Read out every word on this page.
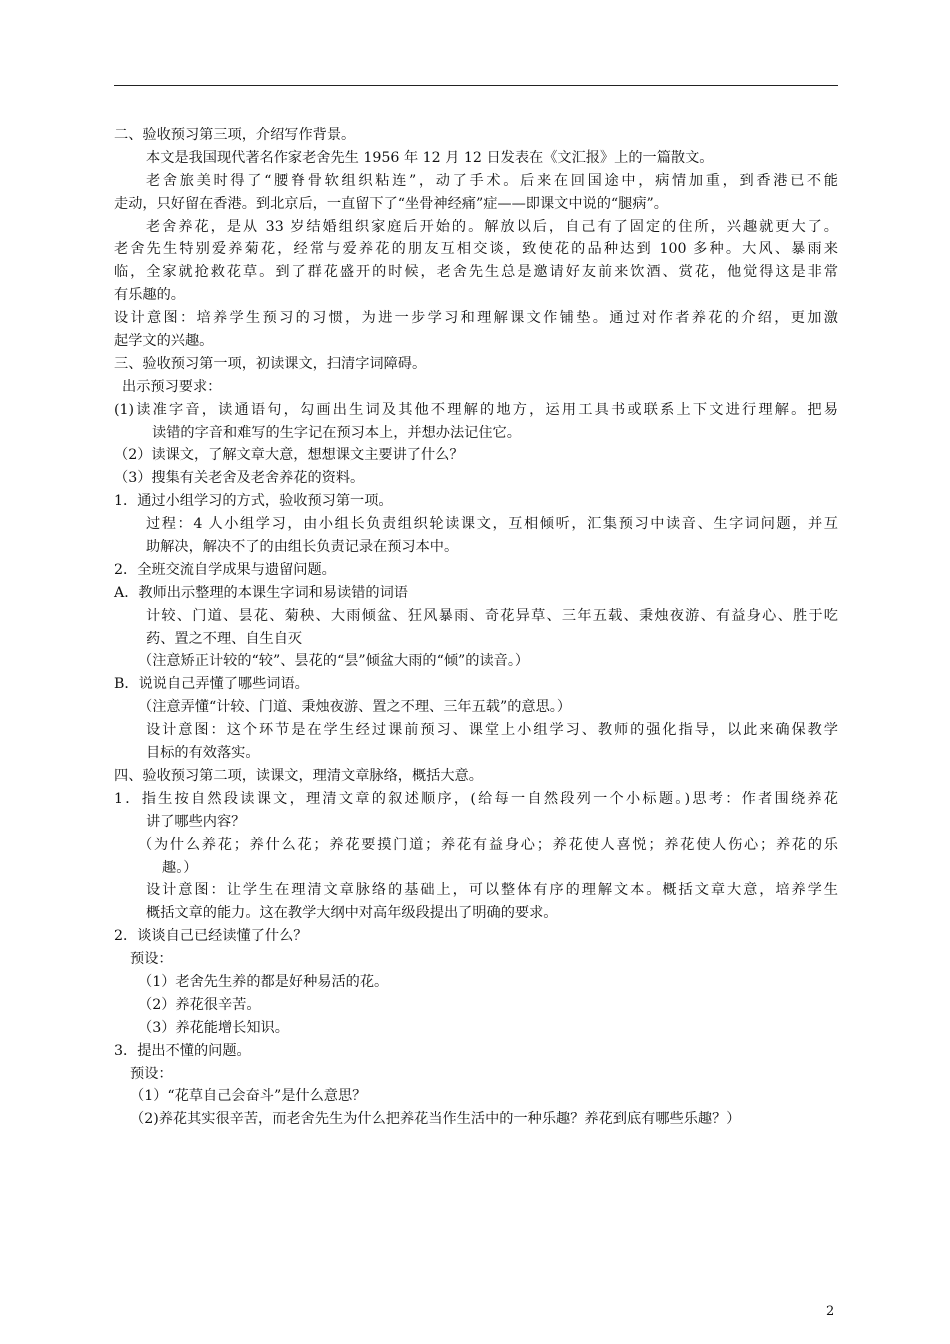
二、验收预习第三项，介绍写作背景。
本文是我国现代著名作家老舍先生 1956 年 12 月 12 日发表在《文汇报》上的一篇散文。
老舍旅美时得了“腰脊骨软组织粘连”，动了手术。后来在回国途中，病情加重，到香港已不能
走动，只好留在香港。到北京后，一直留下了“坐骨神经痛”症——即课文中说的“腿病”。
老舍养花，是从 33 岁结婚组织家庭后开始的。解放以后，自己有了固定的住所，兴趣就更大了。
老舍先生特别爱养菊花，经常与爱养花的朋友互相交谈，致使花的品种达到 100 多种。大风、暴雨来
临，全家就抢救花草。到了群花盛开的时候，老舍先生总是邀请好友前来饮酒、赏花，他觉得这是非常
有乐趣的。
设计意图：培养学生预习的习惯，为进一步学习和理解课文作铺垫。通过对作者养花的介绍，更加激
起学文的兴趣。
三、验收预习第一项，初读课文，扫清字词障碍。
出示预习要求：
(1)读准字音，读通语句，勾画出生词及其他不理解的地方，运用工具书或联系上下文进行理解。把易
读错的字音和难写的生字记在预习本上，并想办法记住它。
（2）读课文，了解文章大意，想想课文主要讲了什么？
（3）搜集有关老舍及老舍养花的资料。
1．通过小组学习的方式，验收预习第一项。
过程：4 人小组学习，由小组长负责组织轮读课文，互相倾听，汇集预习中读音、生字词问题，并互
助解决，解决不了的由组长负责记录在预习本中。
2．全班交流自学成果与遗留问题。
A．教师出示整理的本课生字词和易读错的词语
计较、门道、昙花、菊秧、大雨倾盆、狂风暴雨、奇花异草、三年五载、秉烛夜游、有益身心、胜于吃
药、置之不理、自生自灭
（注意矫正计较的“较”、昙花的“昙”倾盆大雨的“倾”的读音。）
B．说说自己弄懂了哪些词语。
（注意弄懂“计较、门道、秉烛夜游、置之不理、三年五载”的意思。）
设计意图：这个环节是在学生经过课前预习、课堂上小组学习、教师的强化指导，以此来确保教学
目标的有效落实。
四、验收预习第二项，读课文，理清文章脉络，概括大意。
1．指生按自然段读课文，理清文章的叙述顺序，(给每一自然段列一个小标题。)思考：作者围绕养花
讲了哪些内容？
（为什么养花；养什么花；养花要摸门道；养花有益身心；养花使人喜悦；养花使人伤心；养花的乐
趣。）
设计意图：让学生在理清文章脉络的基础上，可以整体有序的理解文本。概括文章大意，培养学生
概括文章的能力。这在教学大纲中对高年级段提出了明确的要求。
2．谈谈自己已经读懂了什么？
预设：
（1）老舍先生养的都是好种易活的花。
（2）养花很辛苦。
（3）养花能增长知识。
3．提出不懂的问题。
预设：
（1）“花草自己会奋斗”是什么意思？
（2)养花其实很辛苦，而老舍先生为什么把养花当作生活中的一种乐趣？养花到底有哪些乐趣？）
2
